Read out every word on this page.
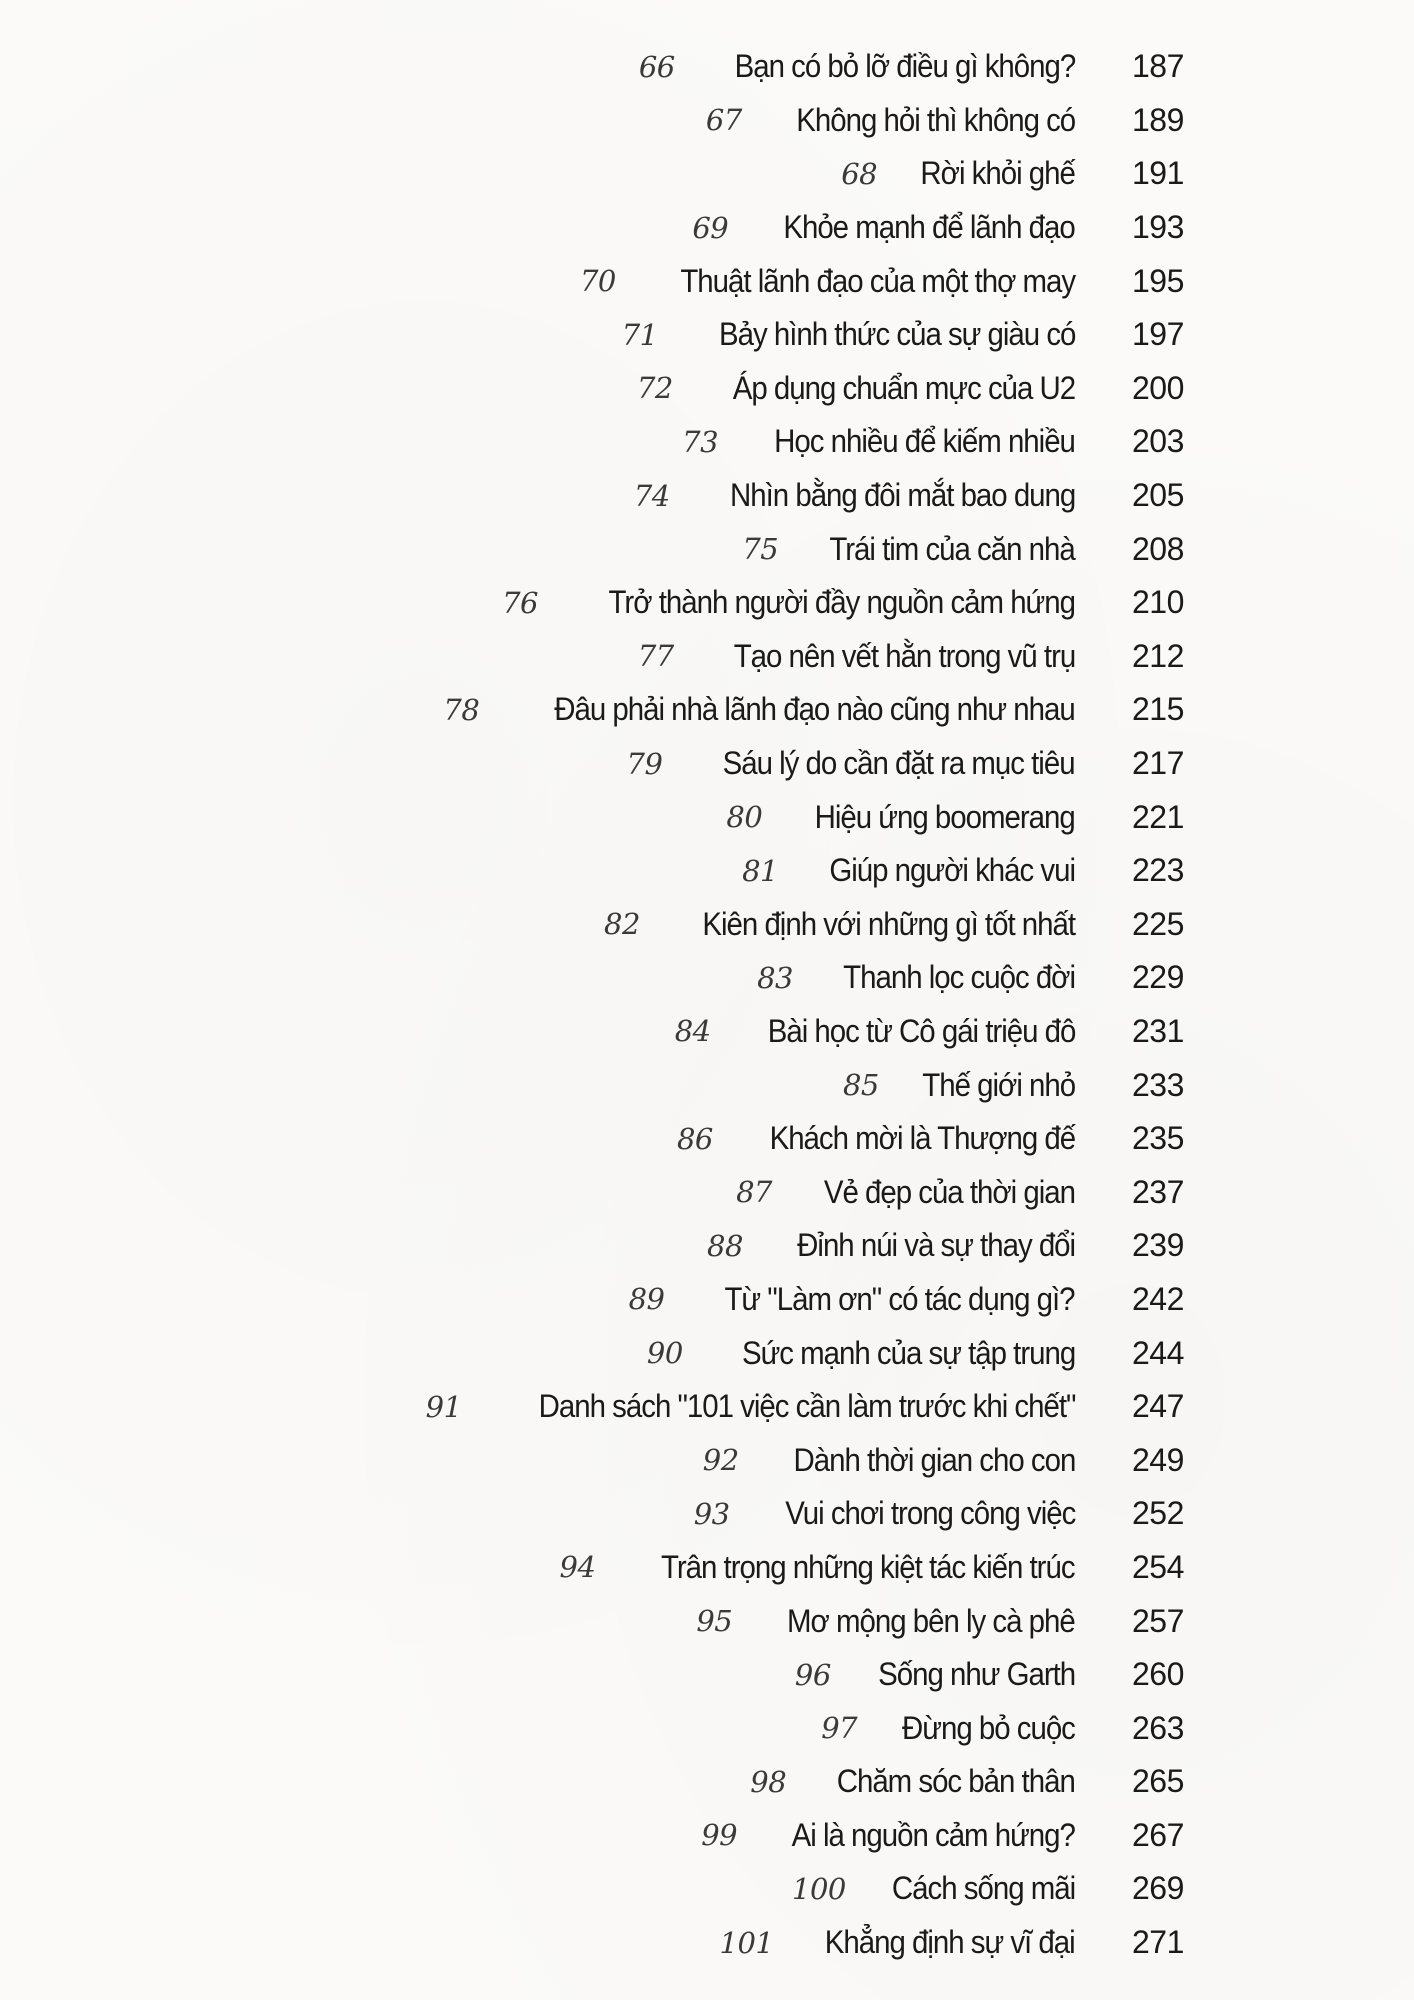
66 Bạn có bỏ lỡ điều gì không? 187
67 Không hỏi thì không có 189
68 Rời khỏi ghế 191
69 Khỏe mạnh để lãnh đạo 193
70 Thuật lãnh đạo của một thợ may 195
71 Bảy hình thức của sự giàu có 197
72 Áp dụng chuẩn mực của U2 200
73 Học nhiều để kiếm nhiều 203
74 Nhìn bằng đôi mắt bao dung 205
75 Trái tim của căn nhà 208
76 Trở thành người đầy nguồn cảm hứng 210
77 Tạo nên vết hằn trong vũ trụ 212
78 Đâu phải nhà lãnh đạo nào cũng như nhau 215
79 Sáu lý do cần đặt ra mục tiêu 217
80 Hiệu ứng boomerang 221
81 Giúp người khác vui 223
82 Kiên định với những gì tốt nhất 225
83 Thanh lọc cuộc đời 229
84 Bài học từ Cô gái triệu đô 231
85 Thế giới nhỏ 233
86 Khách mời là Thượng đế 235
87 Vẻ đẹp của thời gian 237
88 Đỉnh núi và sự thay đổi 239
89 Từ "Làm ơn" có tác dụng gì? 242
90 Sức mạnh của sự tập trung 244
91 Danh sách "101 việc cần làm trước khi chết" 247
92 Dành thời gian cho con 249
93 Vui chơi trong công việc 252
94 Trân trọng những kiệt tác kiến trúc 254
95 Mơ mộng bên ly cà phê 257
96 Sống như Garth 260
97 Đừng bỏ cuộc 263
98 Chăm sóc bản thân 265
99 Ai là nguồn cảm hứng? 267
100 Cách sống mãi 269
101 Khẳng định sự vĩ đại 271
